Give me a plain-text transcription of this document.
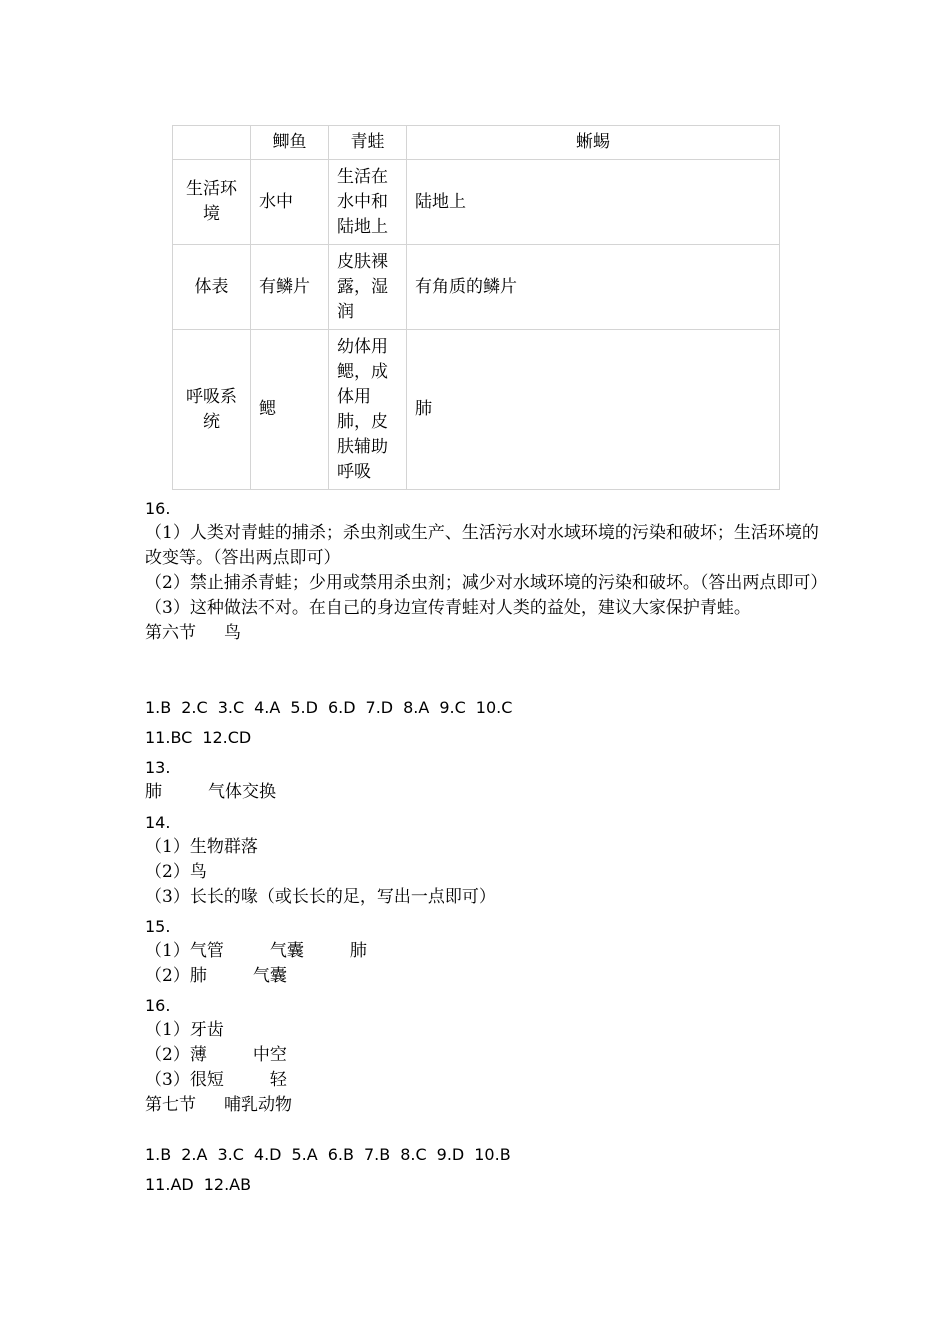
	鲫鱼	青蛙	蜥蜴
生活环境	水中	生活在水中和陆地上	陆地上
体表	有鳞片	皮肤裸露，湿润	有角质的鳞片
呼吸系统	鳃	幼体用鳃，成体用肺，皮肤辅助呼吸	肺
16.
（1）人类对青蛙的捕杀；杀虫剂或生产、生活污水对水域环境的污染和破坏；生活环境的改变等。（答出两点即可）
（2）禁止捕杀青蛙；少用或禁用杀虫剂；减少对水域环境的污染和破坏。（答出两点即可）
（3）这种做法不对。在自己的身边宣传青蛙对人类的益处，建议大家保护青蛙。
第六节 鸟
1.B 2.C 3.C 4.A 5.D 6.D 7.D 8.A 9.C 10.C
11.BC 12.CD
13.
肺	气体交换
14.
（1）生物群落
（2）鸟
（3）长长的喙（或长长的足，写出一点即可）
15.
（1）气管	气囊	肺
（2）肺	气囊
16.
（1）牙齿
（2）薄	中空
（3）很短	轻
第七节 哺乳动物
1.B 2.A 3.C 4.D 5.A 6.B 7.B 8.C 9.D 10.B
11.AD 12.AB
